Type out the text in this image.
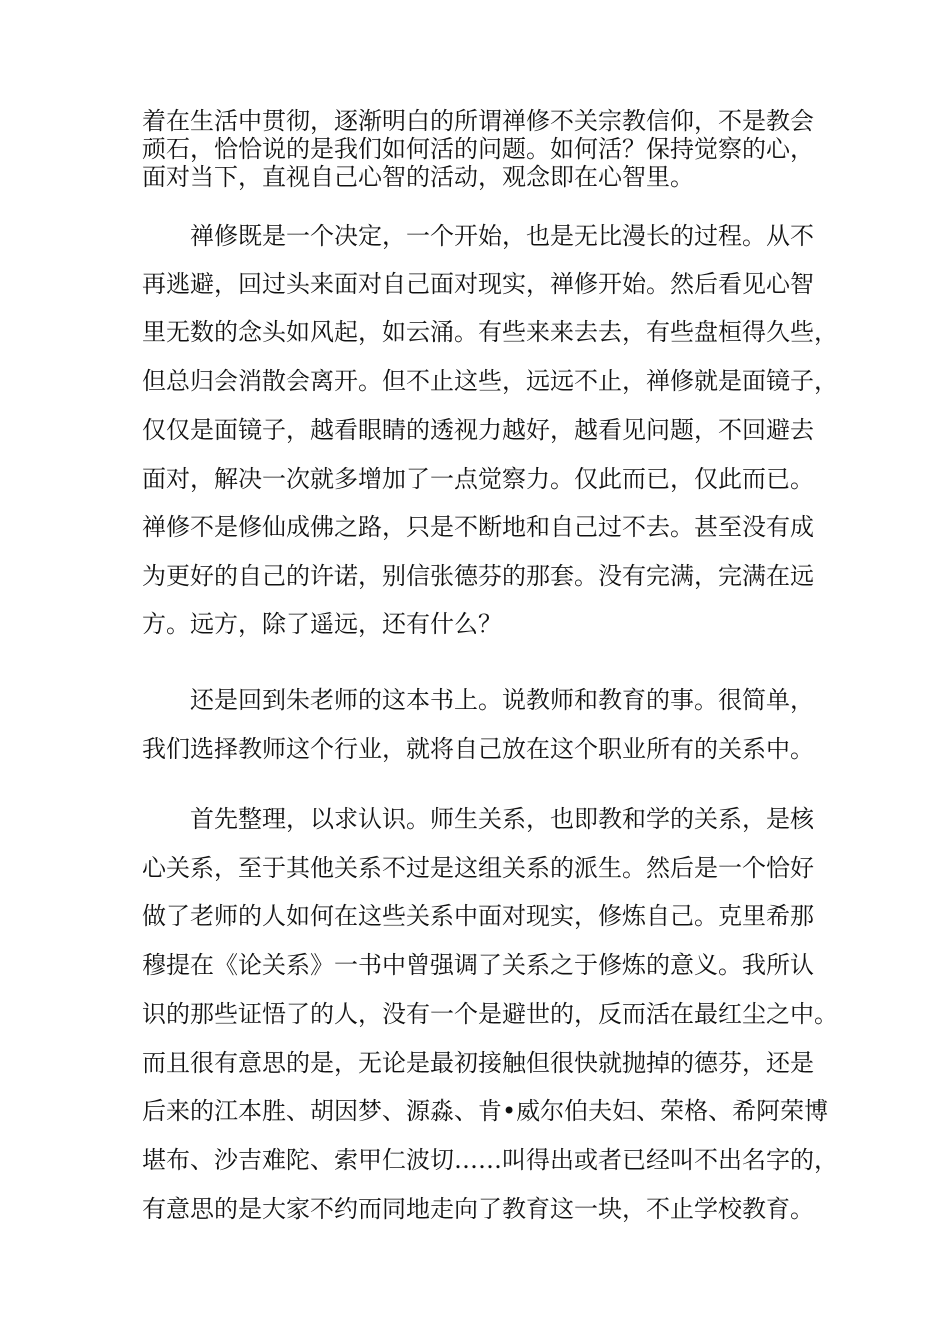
着在生活中贯彻，逐渐明白的所谓禅修不关宗教信仰，不是教会
顽石，恰恰说的是我们如何活的问题。如何活？保持觉察的心，
面对当下，直视自己心智的活动，观念即在心智里。
禅修既是一个决定，一个开始，也是无比漫长的过程。从不
再逃避，回过头来面对自己面对现实，禅修开始。然后看见心智
里无数的念头如风起，如云涌。有些来来去去，有些盘桓得久些，
但总归会消散会离开。但不止这些，远远不止，禅修就是面镜子，
仅仅是面镜子，越看眼睛的透视力越好，越看见问题，不回避去
面对，解决一次就多增加了一点觉察力。仅此而已，仅此而已。
禅修不是修仙成佛之路，只是不断地和自己过不去。甚至没有成
为更好的自己的许诺，别信张德芬的那套。没有完满，完满在远
方。远方，除了遥远，还有什么？
还是回到朱老师的这本书上。说教师和教育的事。很简单，
我们选择教师这个行业，就将自己放在这个职业所有的关系中。
首先整理，以求认识。师生关系，也即教和学的关系，是核
心关系，至于其他关系不过是这组关系的派生。然后是一个恰好
做了老师的人如何在这些关系中面对现实，修炼自己。克里希那
穆提在《论关系》一书中曾强调了关系之于修炼的意义。我所认
识的那些证悟了的人，没有一个是避世的，反而活在最红尘之中。
而且很有意思的是，无论是最初接触但很快就抛掉的德芬，还是
后来的江本胜、胡因梦、源淼、肯•威尔伯夫妇、荣格、希阿荣博
堪布、沙吉难陀、索甲仁波切……叫得出或者已经叫不出名字的，
有意思的是大家不约而同地走向了教育这一块，不止学校教育。
